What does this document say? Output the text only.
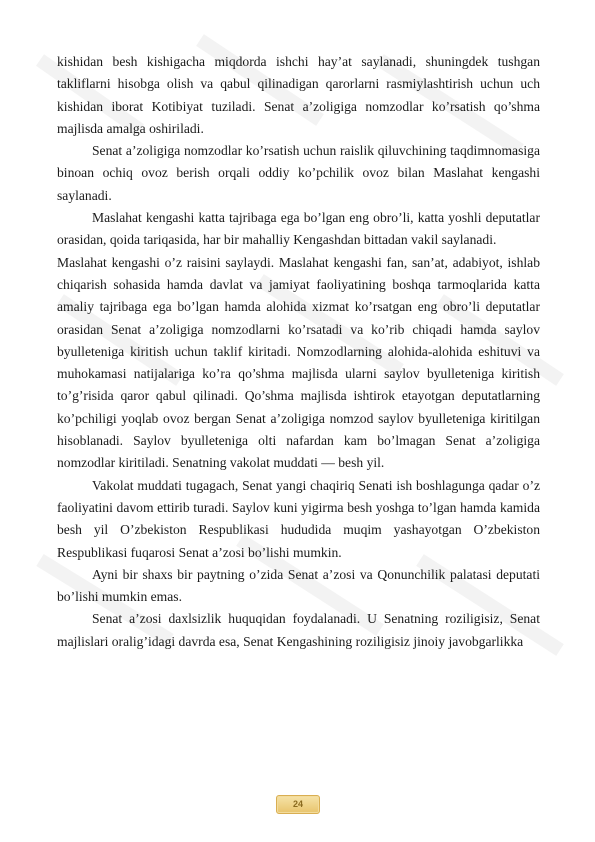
kishidan besh kishigacha miqdorda ishchi hay’at saylanadi, shuningdek tushgan takliflarni hisobga olish va qabul qilinadigan qarorlarni rasmiylashtirish uchun uch kishidan iborat Kotibiyat tuziladi. Senat a’zoligiga nomzodlar ko’rsatish qo’shma majlisda amalga oshiriladi.

Senat a’zoligiga nomzodlar ko’rsatish uchun raislik qiluvchining taqdimnomasiga binoan ochiq ovoz berish orqali oddiy ko’pchilik ovoz bilan Maslahat kengashi saylanadi.

Maslahat kengashi katta tajribaga ega bo’lgan eng obro’li, katta yoshli deputatlar orasidan, qoida tariqasida, har bir mahalliy Kengashdan bittadan vakil saylanadi.

Maslahat kengashi o’z raisini saylaydi. Maslahat kengashi fan, san’at, adabiyot, ishlab chiqarish sohasida hamda davlat va jamiyat faoliyatining boshqa tarmoqlarida katta amaliy tajribaga ega bo’lgan hamda alohida xizmat ko’rsatgan eng obro’li deputatlar orasidan Senat a’zoligiga nomzodlarni ko’rsatadi va ko’rib chiqadi hamda saylov byulleteniga kiritish uchun taklif kiritadi. Nomzodlarning alohida-alohida eshituvi va muhokamasi natijalariga ko’ra qo’shma majlisda ularni saylov byulleteniga kiritish to’g’risida qaror qabul qilinadi. Qo’shma majlisda ishtirok etayotgan deputatlarning ko’pchiligi yoqlab ovoz bergan Senat a’zoligiga nomzod saylov byulleteniga kiritilgan hisoblanadi. Saylov byulleteniga olti nafardan kam bo’lmagan Senat a’zoligiga nomzodlar kiritiladi. Senatning vakolat muddati — besh yil.

Vakolat muddati tugagach, Senat yangi chaqiriq Senati ish boshlagunga qadar o’z faoliyatini davom ettirib turadi. Saylov kuni yigirma besh yoshga to’lgan hamda kamida besh yil O’zbekiston Respublikasi hududida muqim yashayotgan O’zbekiston Respublikasi fuqarosi Senat a’zosi bo’lishi mumkin.

Ayni bir shaxs bir paytning o’zida Senat a’zosi va Qonunchilik palatasi deputati bo’lishi mumkin emas.

Senat a’zosi daxlsizlik huquqidan foydalanadi. U Senatning roziligisiz, Senat majlislari oralig’idagi davrda esa, Senat Kengashining roziligisiz jinoiy javobgarlikka

24
